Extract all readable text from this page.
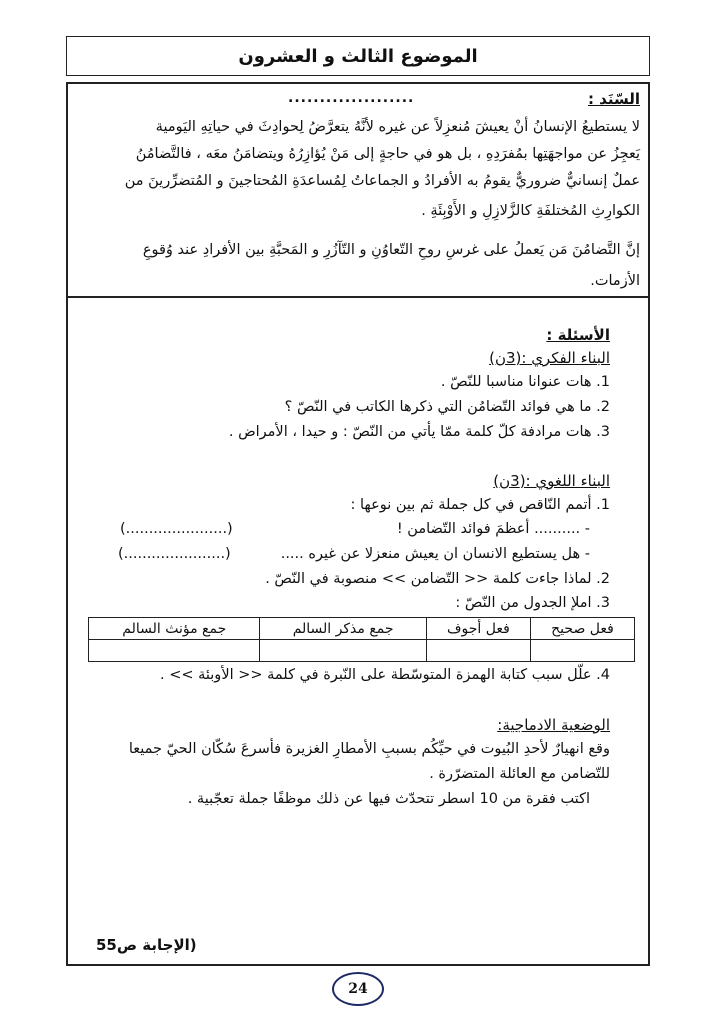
الموضوع الثالث و العشرون
السّنَد :
....................
لا يستطيعُ الإنسانُ أنْ يعيشَ مُنعزِلاً عن غيره لأنَّهُ يتعرَّضُ لِحوادِثَ في حياتِهِ اليَومية
يَعجِزُ عن مواجهَتِها بمُفرَدِهِ ، بل هو في حاجةٍ إلى مَنْ يُؤازِرُهُ ويتضامَنُ معَه ، فالتَّضامُنُ
عملٌ إنسانيٌّ ضروريٌّ يقومُ به الأفرادُ و الجماعاتُ لِمُساعدَةِ المُحتاجينَ و المُتضرِّرينَ من
الكوارِثِ المُختلفَةِ كالزَّلازِلِ و الأَوْبِئَةِ .
إنَّ التَّضامُنَ مَن يَعملُ على غرسِ روحِ التّعاوُنِ و التّآزُرِ و المَحبَّةِ بين الأفرادِ عند وُقوعِ
الأزمات.
الأسئلة :
البناء الفكري :(3ن)
1. هات عنوانا مناسبا للنّصّ .
2. ما هي فوائد التّضامُن التي ذكرها الكاتب في النّصّ ؟
3. هات مرادفة كلّ كلمة ممّا يأتي من النّصّ : و حيدا ، الأمراض .
البناء اللغوي :(3ن)
1. أتمم النّاقص في كل جملة ثم بين نوعها :
- .......... أعظمَ فوائد التّضامن !
(......................)
- هل يستطيع الانسان ان يعيش منعزلا عن غيره .....
(......................)
2. لماذا جاءت كلمة << التّضامن >> منصوبة في النّصّ .
3. املإ الجدول من النّصّ :
فعل صحيح	فعل أجوف	جمع مذكر السالم	جمع مؤنث السالم

4. علّل سبب كتابة الهمزة المتوسّطة على النّبرة في كلمة << الأوبئة >> .
الوضعية الادماجية:
وقع انهيارٌ لأحدِ البُيوت في حيِّكُم بسببِ الأمطارِ الغزيرة فأسرعَ سُكّان الحيّ جميعا
للتّضامن مع العائلة المتضرّرة .
اكتب فقرة من 10 اسطر تتحدّث فيها عن ذلك موظفًا جملة تعجّبية .
(الإجابة ص55
24
